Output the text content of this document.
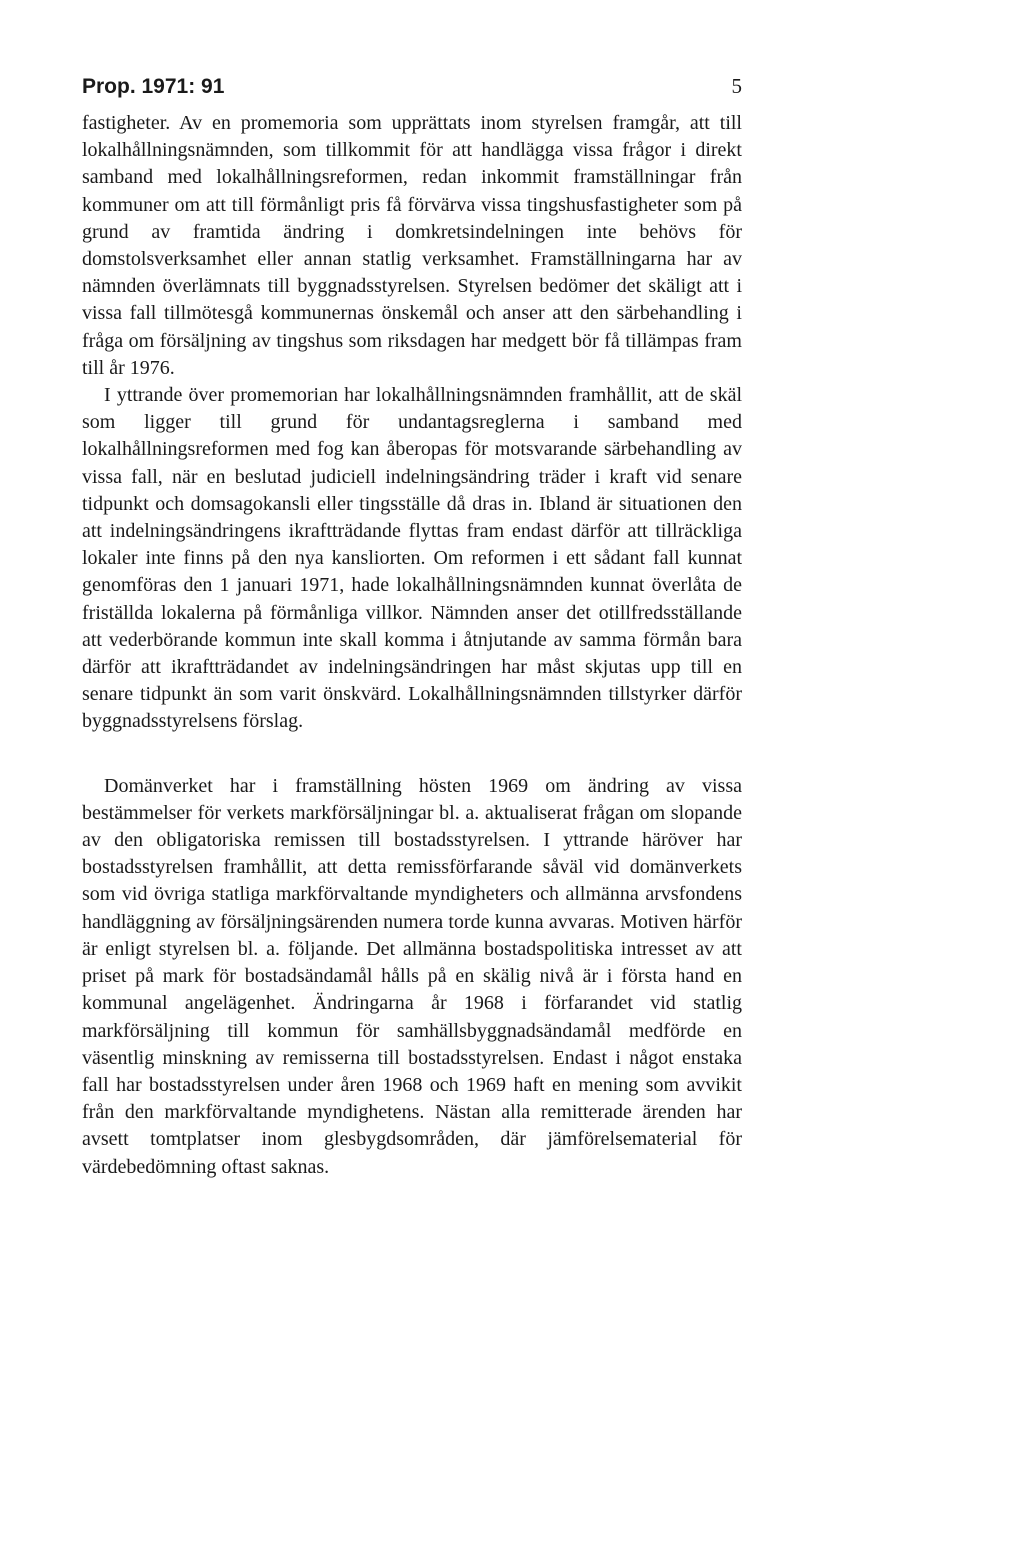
Prop. 1971: 91	5

fastigheter. Av en promemoria som upprättats inom styrelsen framgår, att till lokalhållningsnämnden, som tillkommit för att handlägga vissa frågor i direkt samband med lokalhållningsreformen, redan inkommit framställningar från kommuner om att till förmånligt pris få förvärva vissa tingshusfastigheter som på grund av framtida ändring i domkretsindelningen inte behövs för domstolsverksamhet eller annan statlig verksamhet. Framställningarna har av nämnden överlämnats till byggnadsstyrelsen. Styrelsen bedömer det skäligt att i vissa fall tillmötesgå kommunernas önskemål och anser att den särbehandling i fråga om försäljning av tingshus som riksdagen har medgett bör få tillämpas fram till år 1976.

I yttrande över promemorian har lokalhållningsnämnden framhållit, att de skäl som ligger till grund för undantagsreglerna i samband med lokalhållningsreformen med fog kan åberopas för motsvarande särbehandling av vissa fall, när en beslutad judiciell indelningsändring träder i kraft vid senare tidpunkt och domsagokansli eller tingsställe då dras in. Ibland är situationen den att indelningsändringens ikraftträdande flyttas fram endast därför att tillräckliga lokaler inte finns på den nya kansliorten. Om reformen i ett sådant fall kunnat genomföras den 1 januari 1971, hade lokalhållningsnämnden kunnat överlåta de friställda lokalerna på förmånliga villkor. Nämnden anser det otillfredsställande att vederbörande kommun inte skall komma i åtnjutande av samma förmån bara därför att ikraftträdandet av indelningsändringen har måst skjutas upp till en senare tidpunkt än som varit önskvärd. Lokalhållningsnämnden tillstyrker därför byggnadsstyrelsens förslag.

Domänverket har i framställning hösten 1969 om ändring av vissa bestämmelser för verkets markförsäljningar bl. a. aktualiserat frågan om slopande av den obligatoriska remissen till bostadsstyrelsen. I yttrande häröver har bostadsstyrelsen framhållit, att detta remissförfarande såväl vid domänverkets som vid övriga statliga markförvaltande myndigheters och allmänna arvsfondens handläggning av försäljningsärenden numera torde kunna avvaras. Motiven härför är enligt styrelsen bl. a. följande. Det allmänna bostadspolitiska intresset av att priset på mark för bostadsändamål hålls på en skälig nivå är i första hand en kommunal angelägenhet. Ändringarna år 1968 i förfarandet vid statlig markförsäljning till kommun för samhällsbyggnadsändamål medförde en väsentlig minskning av remisserna till bostadsstyrelsen. Endast i något enstaka fall har bostadsstyrelsen under åren 1968 och 1969 haft en mening som avvikit från den markförvaltande myndighetens. Nästan alla remitterade ärenden har avsett tomtplatser inom glesbygdsområden, där jämförelsematerial för värdebedömning oftast saknas.
